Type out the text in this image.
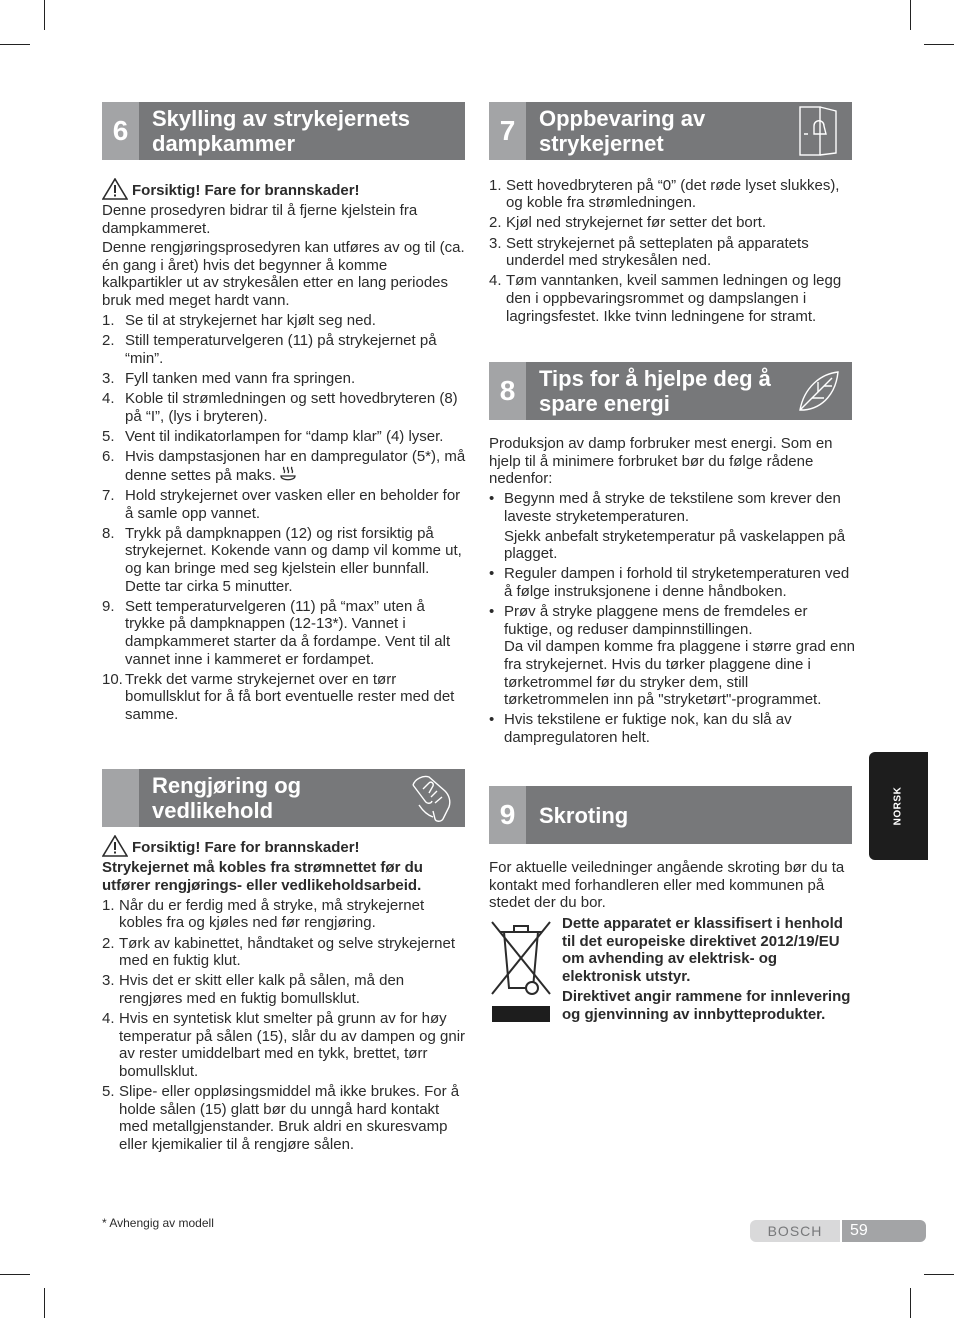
6	Skylling av strykejernets
dampkammer
Forsiktig! Fare for brannskader!

Denne prosedyren bidrar til å fjerne kjelstein fra dampkammeret.

Denne rengjøringsprosedyren kan utføres av og til (ca. én gang i året) hvis det begynner å komme kalkpartikler ut av strykesålen etter en lang periodes bruk med meget hardt vann.

1. Se til at strykejernet har kjølt seg ned.
2. Still temperaturvelgeren (11) på strykejernet på “min”.
3. Fyll tanken med vann fra springen.
4. Koble til strømledningen og sett hovedbryteren (8) på “I”, (lys i bryteren).
5. Vent til indikatorlampen for “damp klar” (4) lyser.
6. Hvis dampstasjonen har en dampregulator (5*), må denne settes på maks.
7. Hold strykejernet over vasken eller en beholder for å samle opp vannet.
8. Trykk på dampknappen (12) og rist forsiktig på strykejernet. Kokende vann og damp vil komme ut, og kan bringe med seg kjelstein eller bunnfall. Dette tar cirka 5 minutter.
9. Sett temperaturvelgeren (11) på “max” uten å trykke på dampknappen (12-13*). Vannet i dampkammeret starter da å fordampe. Vent til alt vannet inne i kammeret er fordampet.
10. Trekk det varme strykejernet over en tørr bomullsklut for å få bort eventuelle rester med det samme.
Rengjøring og
vedlikehold
Forsiktig! Fare for brannskader!

Strykejernet må kobles fra strømnettet før du utfører rengjørings- eller vedlikeholdsarbeid.

1. Når du er ferdig med å stryke, må strykejernet kobles fra og kjøles ned før rengjøring.
2. Tørk av kabinettet, håndtaket og selve strykejernet med en fuktig klut.
3. Hvis det er skitt eller kalk på sålen, må den rengjøres med en fuktig bomullsklut.
4. Hvis en syntetisk klut smelter på grunn av for høy temperatur på sålen (15), slår du av dampen og gnir av rester umiddelbart med en tykk, brettet, tørr bomullsklut.
5. Slipe- eller oppløsingsmiddel må ikke brukes. For å holde sålen (15) glatt bør du unngå hard kontakt med metallgjenstander. Bruk aldri en skuresvamp eller kjemikalier til å rengjøre sålen.
* Avhengig av modell
7	Oppbevaring av
strykejernet
1. Sett hovedbryteren på “0” (det røde lyset slukkes), og koble fra strømledningen.
2. Kjøl ned strykejernet før setter det bort.
3. Sett strykejernet på setteplaten på apparatets underdel med strykesålen ned.
4. Tøm vanntanken, kveil sammen ledningen og legg den i oppbevaringsrommet og dampslangen i lagringsfestet. Ikke tvinn ledningene for stramt.
8	Tips for å hjelpe deg å
spare energi

Produksjon av damp forbruker mest energi. Som en hjelp til å minimere forbruket bør du følge rådene nedenfor:

• Begynn med å stryke de tekstilene som krever den laveste stryketemperaturen.
Sjekk anbefalt stryketemperatur på vaskelappen på plagget.
• Reguler dampen i forhold til stryketemperaturen ved å følge instruksjonene i denne håndboken.
• Prøv å stryke plaggene mens de fremdeles er fuktige, og reduser dampinnstillingen.
Da vil dampen komme fra plaggene i større grad enn fra strykejernet. Hvis du tørker plaggene dine i tørketrommel før du stryker dem, still tørketrommelen inn på "stryketørt"-programmet.
• Hvis tekstilene er fuktige nok, kan du slå av dampregulatoren helt.
9	Skroting

For aktuelle veiledninger angående skroting bør du ta kontakt med forhandleren eller med kommunen på stedet der du bor.

Dette apparatet er klassifisert i henhold til det europeiske direktivet 2012/19/EU om avhending av elektrisk- og elektronisk utstyr.

Direktivet angir rammene for innlevering og gjenvinning av innbytteprodukter.

NORSK
BOSCH	59
